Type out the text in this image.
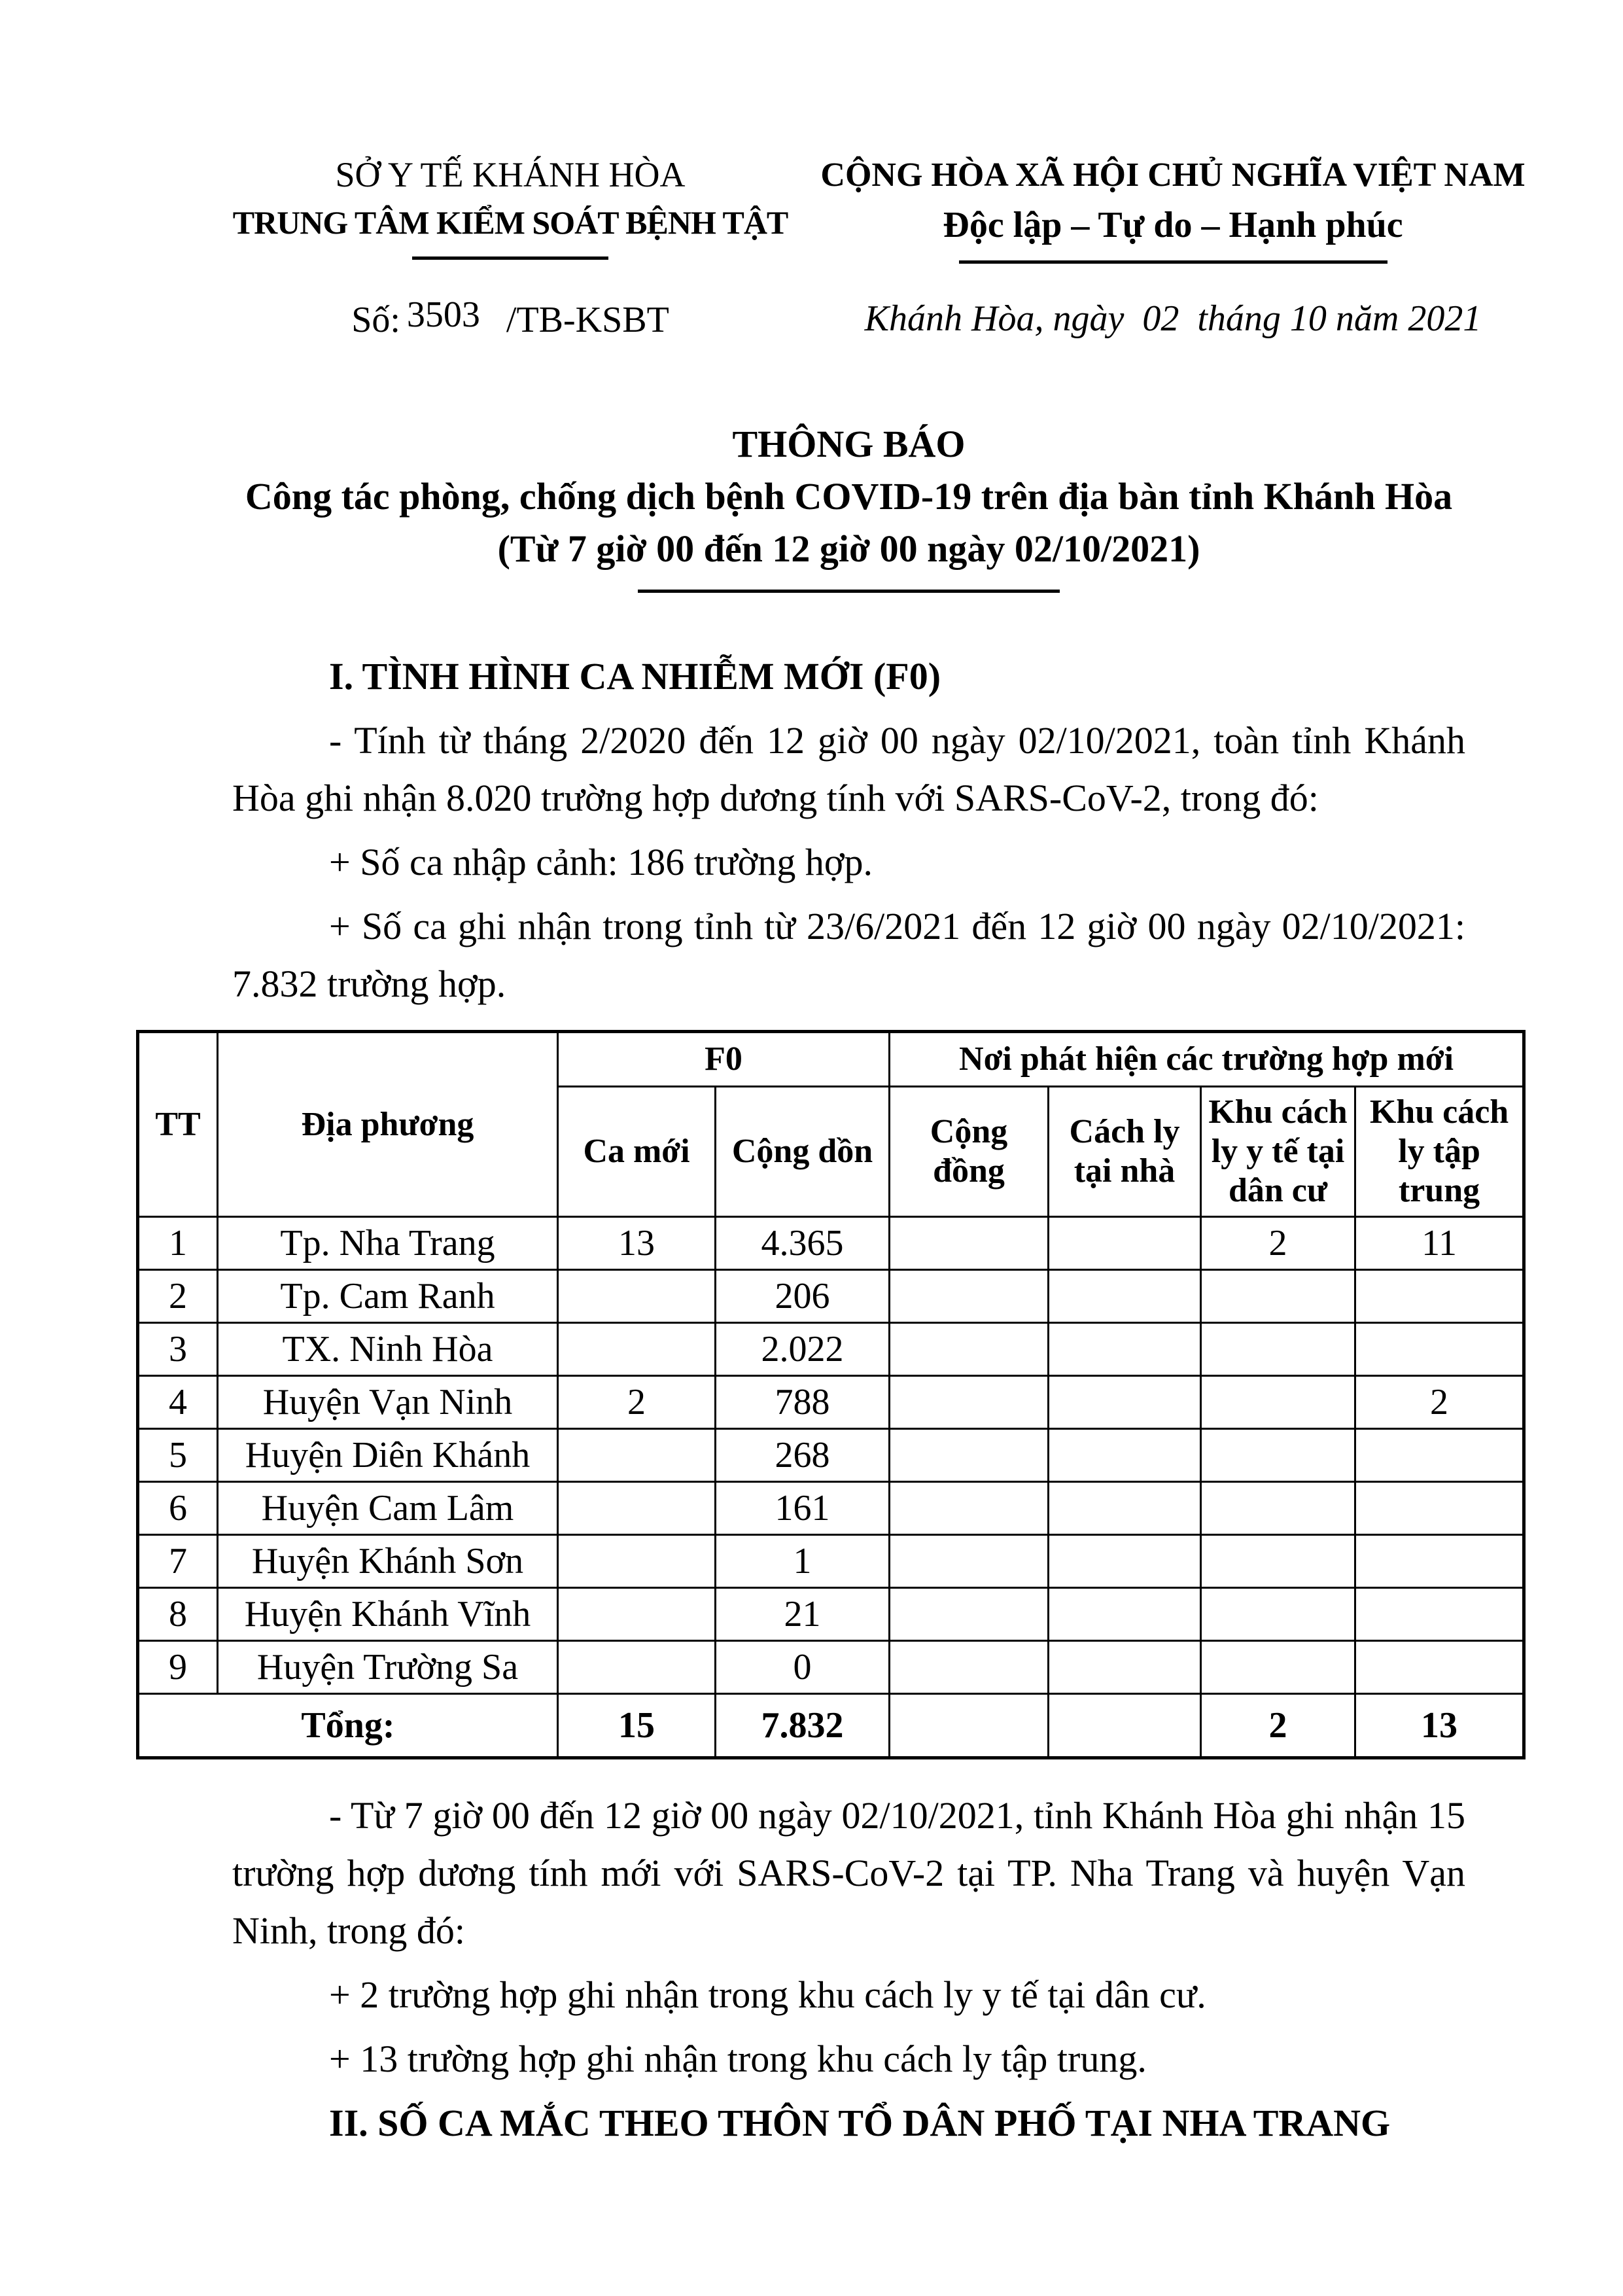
SỞ Y TẾ KHÁNH HÒA
TRUNG TÂM KIỂM SOÁT BỆNH TẬT
Số: 3503 /TB-KSBT
CỘNG HÒA XÃ HỘI CHỦ NGHĨA VIỆT NAM
Độc lập – Tự do – Hạnh phúc
Khánh Hòa, ngày  02  tháng 10 năm 2021
THÔNG BÁO
Công tác phòng, chống dịch bệnh COVID-19 trên địa bàn tỉnh Khánh Hòa
(Từ 7 giờ 00 đến 12 giờ 00 ngày 02/10/2021)

I. TÌNH HÌNH CA NHIỄM MỚI (F0)

- Tính từ tháng 2/2020 đến 12 giờ 00 ngày 02/10/2021, toàn tỉnh Khánh Hòa ghi nhận 8.020 trường hợp dương tính với SARS-CoV-2, trong đó:

+ Số ca nhập cảnh: 186 trường hợp.

+ Số ca ghi nhận trong tỉnh từ 23/6/2021 đến 12 giờ 00 ngày 02/10/2021: 7.832 trường hợp.

TT	Địa phương	F0		Nơi phát hiện các trường hợp mới			
		Ca mới	Cộng dồn	Cộng đồng	Cách ly tại nhà	Khu cách ly y tế tại dân cư	Khu cách ly tập trung
1	Tp. Nha Trang	13	4.365			2	11
2	Tp. Cam Ranh		206				
3	TX. Ninh Hòa		2.022				
4	Huyện Vạn Ninh	2	788				2
5	Huyện Diên Khánh		268				
6	Huyện Cam Lâm		161				
7	Huyện Khánh Sơn		1				
8	Huyện Khánh Vĩnh		21				
9	Huyện Trường Sa		0				
Tổng:		15	7.832			2	13

- Từ 7 giờ 00 đến 12 giờ 00 ngày 02/10/2021, tỉnh Khánh Hòa ghi nhận 15 trường hợp dương tính mới với SARS-CoV-2 tại TP. Nha Trang và huyện Vạn Ninh, trong đó:

+ 2 trường hợp ghi nhận trong khu cách ly y tế tại dân cư.

+ 13 trường hợp ghi nhận trong khu cách ly tập trung.

II. SỐ CA MẮC THEO THÔN TỔ DÂN PHỐ TẠI NHA TRANG
